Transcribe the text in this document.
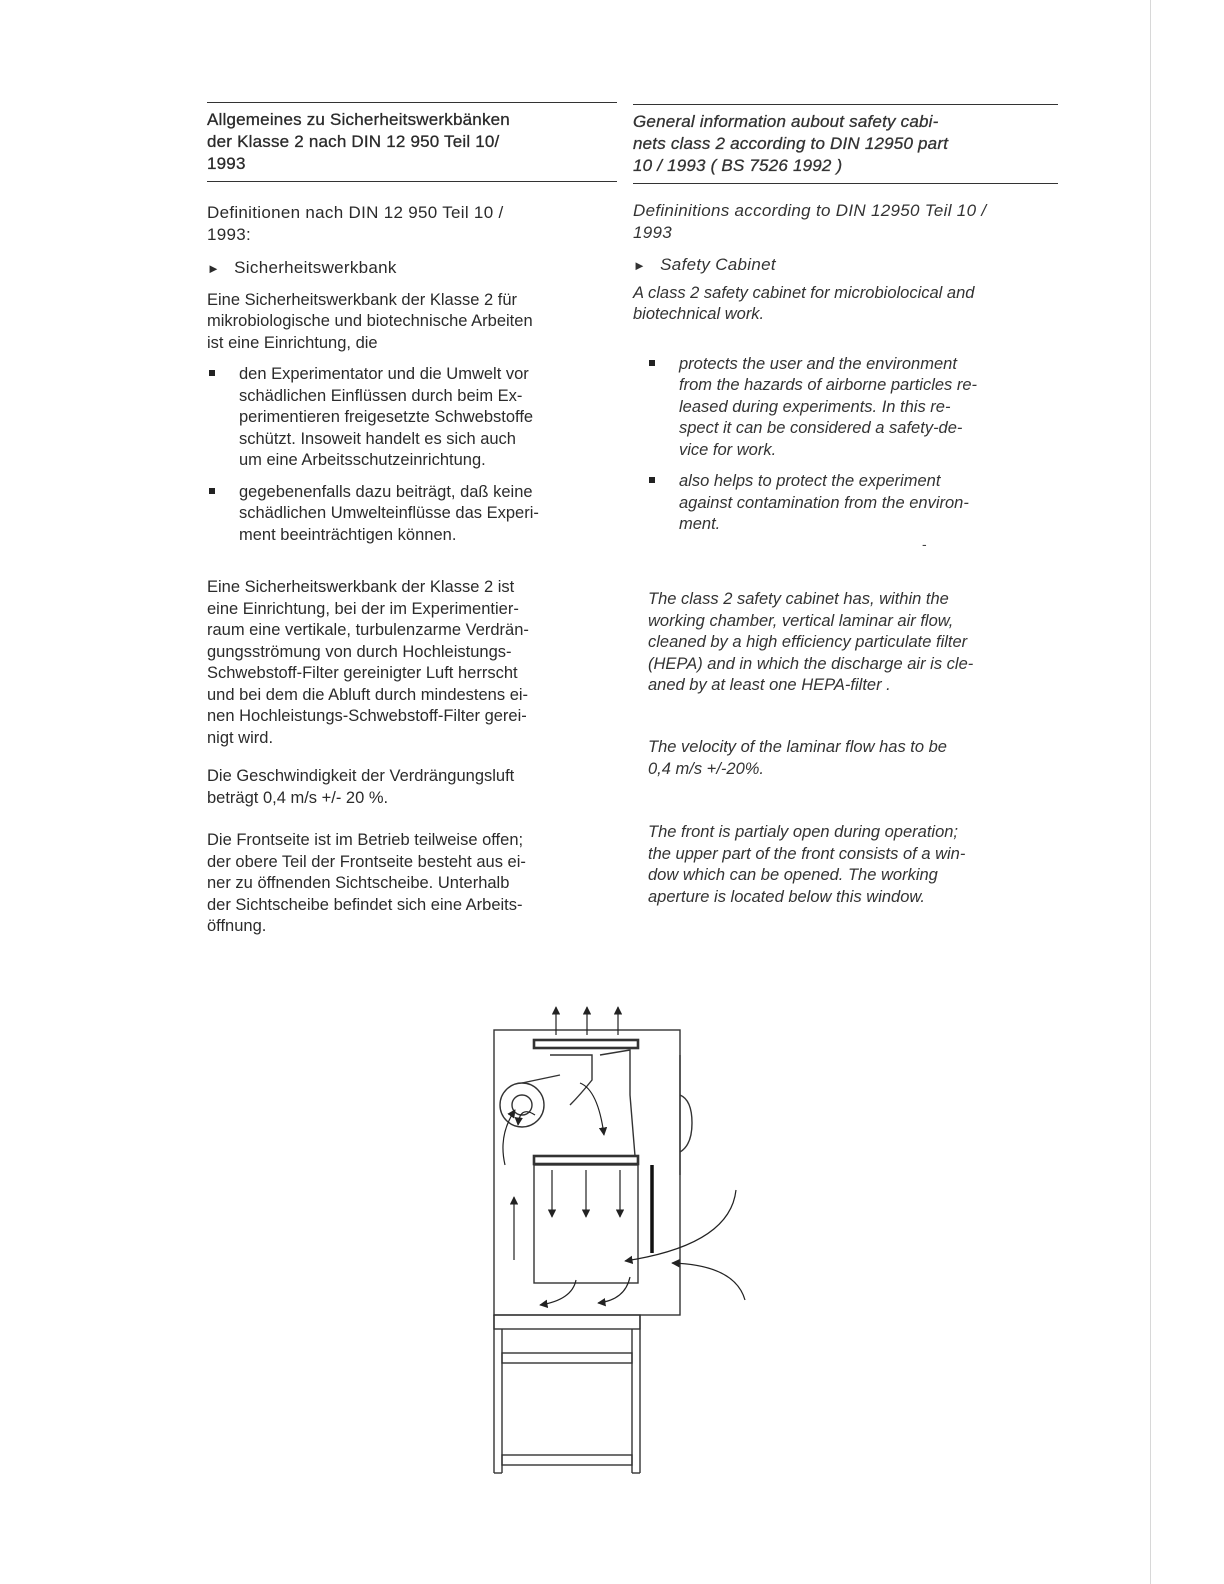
Allgemeines zu Sicherheitswerkbänken
der Klasse 2 nach DIN 12 950 Teil 10/
1993

Definitionen nach DIN 12 950 Teil 10 /
1993:

► Sicherheitswerkbank

Eine Sicherheitswerkbank der Klasse 2 für
mikrobiologische und biotechnische Arbeiten
ist eine Einrichtung, die

den Experimentator und die Umwelt vor
schädlichen Einflüssen durch beim Ex-
perimentieren freigesetzte Schwebstoffe
schützt. Insoweit handelt es sich auch
um eine Arbeitsschutzeinrichtung.
gegebenenfalls dazu beiträgt, daß keine
schädlichen Umwelteinflüsse das Experi-
ment beeinträchtigen können.
Eine Sicherheitswerkbank der Klasse 2 ist
eine Einrichtung, bei der im Experimentier-
raum eine vertikale, turbulenzarme Verdrän-
gungsströmung von durch Hochleistungs-
Schwebstoff-Filter gereinigter Luft herrscht
und bei dem die Abluft durch mindestens ei-
nen Hochleistungs-Schwebstoff-Filter gerei-
nigt wird.
Die Geschwindigkeit der Verdrängungsluft
beträgt 0,4 m/s +/- 20 %.
Die Frontseite ist im Betrieb teilweise offen;
der obere Teil der Frontseite besteht aus ei-
ner zu öffnenden Sichtscheibe. Unterhalb
der Sichtscheibe befindet sich eine Arbeits-
öffnung.
General information aubout safety cabi-
nets class 2 according to DIN 12950 part
10 / 1993 ( BS 7526 1992 )

Defininitions according to DIN 12950 Teil 10 /
1993

► Safety Cabinet

A class 2 safety cabinet for microbiolocical and
biotechnical work.

protects the user and the environment
from the hazards of airborne particles re-
leased during experiments. In this re-
spect it can be considered a safety-de-
vice for work.
also helps to protect the experiment
against contamination from the environ-
ment.
-
The class 2 safety cabinet has, within the
working chamber, vertical laminar air flow,
cleaned by a high efficiency particulate filter
(HEPA) and in which the discharge air is cle-
aned by at least one HEPA-filter .
The velocity of the laminar flow has to be
0,4 m/s +/-20%.
The front is partialy open during operation;
the upper part of the front consists of a win-
dow which can be opened. The working
aperture is located below this window.
